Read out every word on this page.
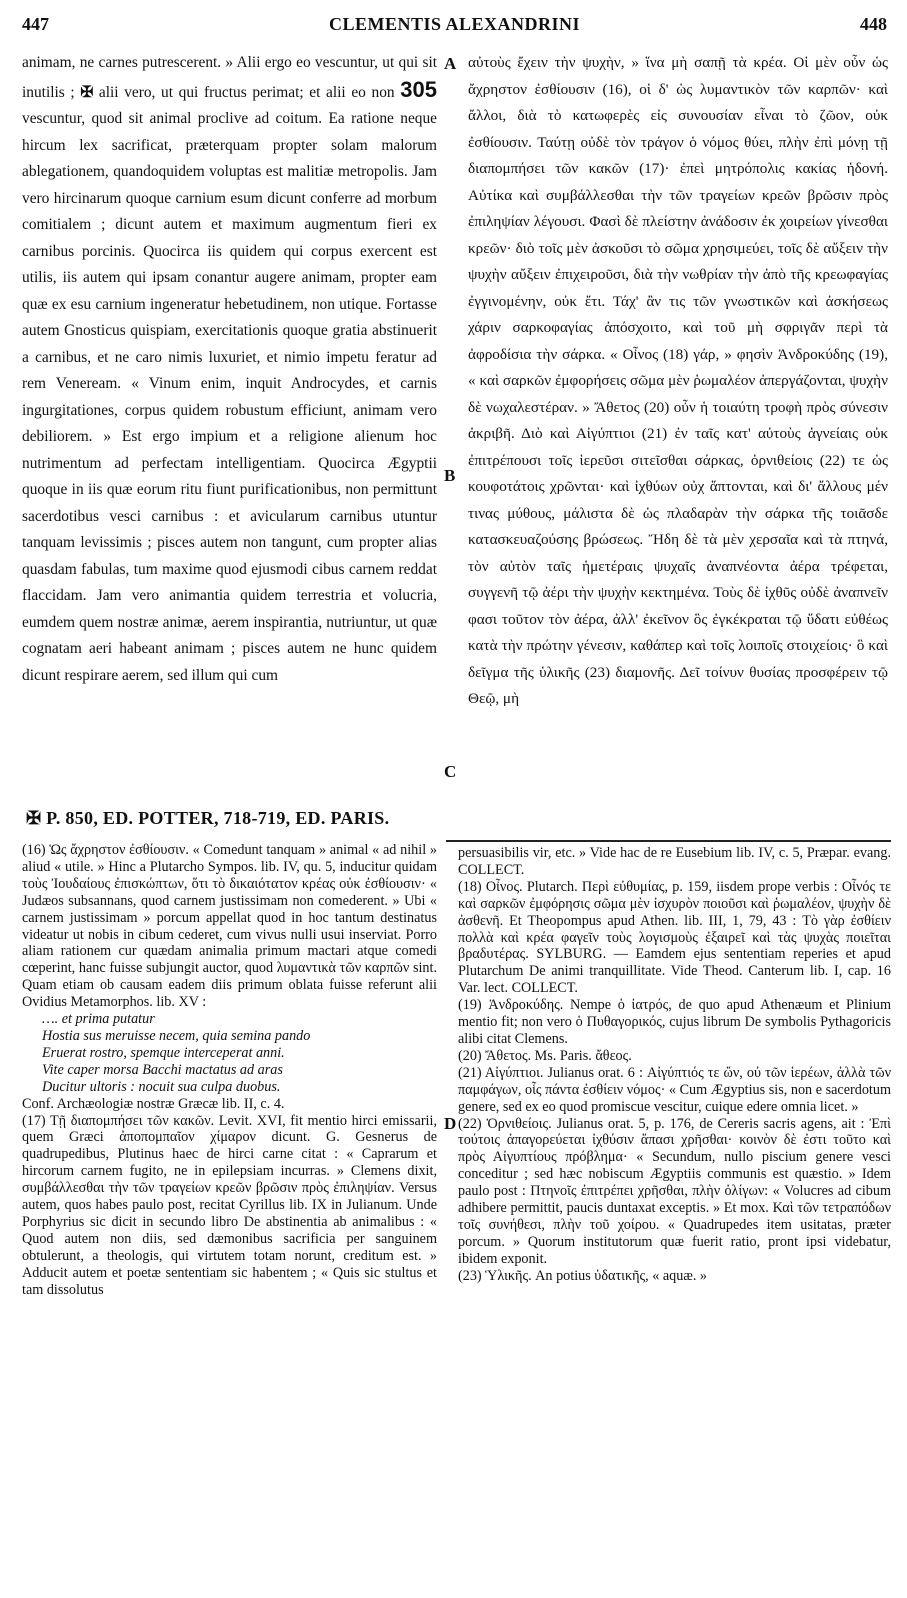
447	CLEMENTIS ALEXANDRINI	448

animam, ne carnes putrescerent. » Alii ergo eo vescuntur, ut qui sit inutilis ; ✠ alii vero, ut qui fructus perimat; et alii eo non 305 vescuntur, quod sit animal proclive ad coitum. Ea ratione neque hircum lex sacrificat, præterquam propter solam malorum ablegationem, quandoquidem voluptas est malitiæ metropolis. Jam vero hircinarum quoque carnium esum dicunt conferre ad morbum comitialem ; dicunt autem et maximum augmentum fieri ex carnibus porcinis. Quocirca iis quidem qui corpus exercent est utilis, iis autem qui ipsam conantur augere animam, propter eam quæ ex esu carnium ingeneratur hebetudinem, non utique. Fortasse autem Gnosticus quispiam, exercitationis quoque gratia abstinuerit a carnibus, et ne caro nimis luxuriet, et nimio impetu feratur ad rem Veneream. « Vinum enim, inquit Androcydes, et carnis ingurgitationes, corpus quidem robustum efficiunt, animam vero debiliorem. » Est ergo impium et a religione alienum hoc nutrimentum ad perfectam intelligentiam. Quocirca Ægyptii quoque in iis quæ eorum ritu fiunt purificationibus, non permittunt sacerdotibus vesci carnibus : et avicularum carnibus utuntur tanquam levissimis ; pisces autem non tangunt, cum propter alias quasdam fabulas, tum maxime quod ejusmodi cibus carnem reddat flaccidam. Jam vero animantia quidem terrestria et volucria, eumdem quem nostræ animæ, aerem inspirantia, nutriuntur, ut quæ cognatam aeri habeant animam ; pisces autem ne hunc quidem dicunt respirare aerem, sed illum qui cum

A
B
C
D

αὐτοὺς ἔχειν τὴν ψυχὴν, » ἵνα μὴ σαπῇ τὰ κρέα. Οἱ μὲν οὖν ὡς ἄχρηστον ἐσθίουσιν (16), οἱ δ' ὡς λυμαντικὸν τῶν καρπῶν· καὶ ἄλλοι, διὰ τὸ κατωφερὲς εἰς συνουσίαν εἶναι τὸ ζῶον, οὐκ ἐσθίουσιν. Ταύτῃ οὐδὲ τὸν τράγον ὁ νόμος θύει, πλὴν ἐπὶ μόνῃ τῇ διαπομπήσει τῶν κακῶν (17)· ἐπεὶ μητρόπολις κακίας ἡδονή. Αὐτίκα καὶ συμβάλλεσθαι τὴν τῶν τραγείων κρεῶν βρῶσιν πρὸς ἐπιληψίαν λέγουσι. Φασὶ δὲ πλείστην ἀνάδοσιν ἐκ χοιρείων γίνεσθαι κρεῶν· διὸ τοῖς μὲν ἀσκοῦσι τὸ σῶμα χρησιμεύει, τοῖς δὲ αὔξειν τὴν ψυχὴν αὔξειν ἐπιχειροῦσι, διὰ τὴν νωθρίαν τὴν ἀπὸ τῆς κρεωφαγίας ἐγγινομένην, οὐκ ἔτι. Τάχ' ἂν τις τῶν γνωστικῶν καὶ ἀσκήσεως χάριν σαρκοφαγίας ἀπόσχοιτο, καὶ τοῦ μὴ σφριγᾶν περὶ τὰ ἀφροδίσια τὴν σάρκα. « Οἶνος (18) γάρ, » φησὶν Ἀνδροκύδης (19), « καὶ σαρκῶν ἐμφορήσεις σῶμα μὲν ῥωμαλέον ἀπεργάζονται, ψυχὴν δὲ νωχαλεστέραν. » Ἄθετος (20) οὖν ἡ τοιαύτη τροφὴ πρὸς σύνεσιν ἀκριβῆ. Διὸ καὶ Αἰγύπτιοι (21) ἐν ταῖς κατ' αὐτοὺς ἁγνείαις οὐκ ἐπιτρέπουσι τοῖς ἱερεῦσι σιτεῖσθαι σάρκας, ὀρνιθείοις (22) τε ὡς κουφοτάτοις χρῶνται· καὶ ἰχθύων οὐχ ἅπτονται, καὶ δι' ἄλλους μέν τινας μύθους, μάλιστα δὲ ὡς πλαδαρὰν τὴν σάρκα τῆς τοιᾶσδε κατασκευαζούσης βρώσεως. Ἤδη δὲ τὰ μὲν χερσαῖα καὶ τὰ πτηνά, τὸν αὐτὸν ταῖς ἡμετέραις ψυχαῖς ἀναπνέοντα ἀέρα τρέφεται, συγγενῆ τῷ ἀέρι τὴν ψυχὴν κεκτημένα. Τοὺς δὲ ἰχθῦς οὐδὲ ἀναπνεῖν φασι τοῦτον τὸν ἀέρα, ἀλλ' ἐκεῖνον ὃς ἐγκέκραται τῷ ὕδατι εὐθέως κατὰ τὴν πρώτην γένεσιν, καθάπερ καὶ τοῖς λοιποῖς στοιχείοις· ὃ καὶ δεῖγμα τῆς ὑλικῆς (23) διαμονῆς. Δεῖ τοίνυν θυσίας προσφέρειν τῷ Θεῷ, μὴ

✠ P. 850, ED. POTTER, 718-719, ED. PARIS.

(16) Ὡς ἄχρηστον ἐσθίουσιν. « Comedunt tanquam » animal « ad nihil » aliud « utile. » Hinc a Plutarcho Sympos. lib. IV, qu. 5, inducitur quidam τοὺς Ἰουδαίους ἐπισκώπτων, ὅτι τὸ δικαιότατον κρέας οὐκ ἐσθίουσιν· « Judæos subsannans, quod carnem justissimam non comederent. » Ubi « carnem justissimam » porcum appellat quod in hoc tantum destinatus videatur ut nobis in cibum cederet, cum vivus nulli usui inserviat. Porro aliam rationem cur quædam animalia primum mactari atque comedi cœperint, hanc fuisse subjungit auctor, quod λυμαντικὰ τῶν καρπῶν sint. Quam etiam ob causam eadem diis primum oblata fuisse referunt alii Ovidius Metamorphos. lib. XV :

…. et prima putatur
Hostia sus meruisse necem, quia semina pando
Eruerat rostro, spemque interceperat anni.
Vite caper morsa Bacchi mactatus ad aras
Ducitur ultoris : nocuit sua culpa duobus.

Conf. Archæologiæ nostræ Græcæ lib. II, c. 4.

(17) Τῇ διαπομπήσει τῶν κακῶν. Levit. XVI, fit mentio hirci emissarii, quem Græci ἀποπομπαῖον χίμαρον dicunt. G. Gesnerus de quadrupedibus, Plutinus haec de hirci carne citat : « Caprarum et hircorum carnem fugito, ne in epilepsiam incurras. » Clemens dixit, συμβάλλεσθαι τὴν τῶν τραγείων κρεῶν βρῶσιν πρὸς ἐπιληψίαν. Versus autem, quos habes paulo post, recitat Cyrillus lib. IX in Julianum. Unde Porphyrius sic dicit in secundo libro De abstinentia ab animalibus : « Quod autem non diis, sed dæmonibus sacrificia per sanguinem obtulerunt, a theologis, qui virtutem totam norunt, creditum est. » Adducit autem et poetæ sententiam sic habentem ; « Quis sic stultus et tam dissolutus

persuasibilis vir, etc. » Vide hac de re Eusebium lib. IV, c. 5, Præpar. evang. COLLECT.

(18) Οἶνος. Plutarch. Περὶ εὐθυμίας, p. 159, iisdem prope verbis : Οἶνός τε καὶ σαρκῶν ἐμφόρησις σῶμα μὲν ἰσχυρὸν ποιοῦσι καὶ ῥωμαλέον, ψυχὴν δὲ ἀσθενῆ. Et Theopompus apud Athen. lib. III, 1, 79, 43 : Τὸ γὰρ ἐσθίειν πολλὰ καὶ κρέα φαγεῖν τοὺς λογισμοὺς ἐξαιρεῖ καὶ τὰς ψυχὰς ποιεῖται βραδυτέρας. SYLBURG. — Eamdem ejus sententiam reperies et apud Plutarchum De animi tranquillitate. Vide Theod. Canterum lib. I, cap. 16 Var. lect. COLLECT.

(19) Ἀνδροκύδης. Nempe ὁ ἰατρός, de quo apud Athenæum et Plinium mentio fit; non vero ὁ Πυθαγορικός, cujus librum De symbolis Pythagoricis alibi citat Clemens.

(20) Ἄθετος. Ms. Paris. ἄθεος.

(21) Αἰγύπτιοι. Julianus orat. 6 : Αἰγύπτιός τε ὤν, οὐ τῶν ἱερέων, ἀλλὰ τῶν παμφάγων, οἷς πάντα ἐσθίειν νόμος· « Cum Ægyptius sis, non e sacerdotum genere, sed ex eo quod promiscue vescitur, cuique edere omnia licet. »

(22) Ὀρνιθείοις. Julianus orat. 5, p. 176, de Cereris sacris agens, ait : Ἐπὶ τούτοις ἀπαγορεύεται ἰχθύσιν ἅπασι χρῆσθαι· κοινὸν δὲ ἐστι τοῦτο καὶ πρὸς Αἰγυπτίους πρόβλημα· « Secundum, nullo piscium genere vesci conceditur ; sed hæc nobiscum Ægyptiis communis est quæstio. » Idem paulo post : Πτηνοῖς ἐπιτρέπει χρῆσθαι, πλὴν ὀλίγων: « Volucres ad cibum adhibere permittit, paucis duntaxat exceptis. » Et mox. Καὶ τῶν τετραπόδων τοῖς συνήθεσι, πλὴν τοῦ χοίρου. « Quadrupedes item usitatas, præter porcum. » Quorum institutorum quæ fuerit ratio, pront ipsi videbatur, ibidem exponit.

(23) Ὑλικῆς. An potius ὑδατικῆς, « aquæ. »
